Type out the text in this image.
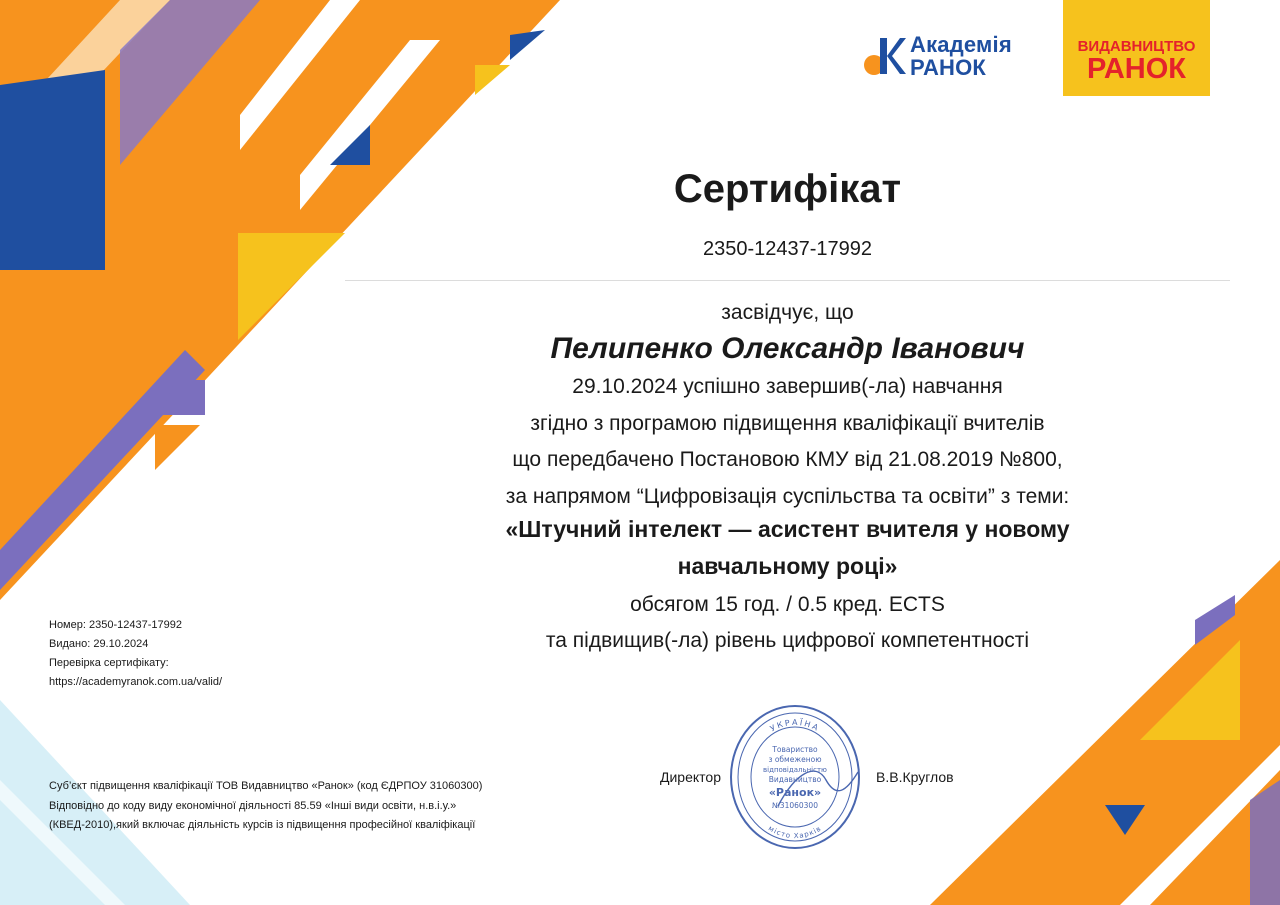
Академія
РАНОК
ВИДАВНИЦТВО
РАНОК
Сертифікат
2350-12437-17992
засвідчує, що
Пелипенко Олександр Іванович
29.10.2024 успішно завершив(-ла) навчання
згідно з програмою підвищення кваліфікації вчителів
що передбачено Постановою КМУ від 21.08.2019 №800,
за напрямом “Цифровізація суспільства та освіти” з теми:
«Штучний інтелект — асистент вчителя у новому
навчальному році»
обсягом 15 год. / 0.5 кред. ECTS
та підвищив(-ла) рівень цифрової компетентності
Номер: 2350-12437-17992
Видано: 29.10.2024
Перевірка сертифікату:
https://academyranok.com.ua/valid/
Суб’єкт підвищення кваліфікації ТОВ Видавництво «Ранок» (код ЄДРПОУ 31060300)
Відповідно до коду виду економічної діяльності 85.59 «Інші види освіти, н.в.і.у.»
(КВЕД-2010),який включає діяльність курсів із підвищення професійної кваліфікації
Директор	В.В.Круглов
УКРАЇНА
місто Харків
Товариство
з обмеженою
відповідальністю
Видавництво
«Ранок»
№31060300
